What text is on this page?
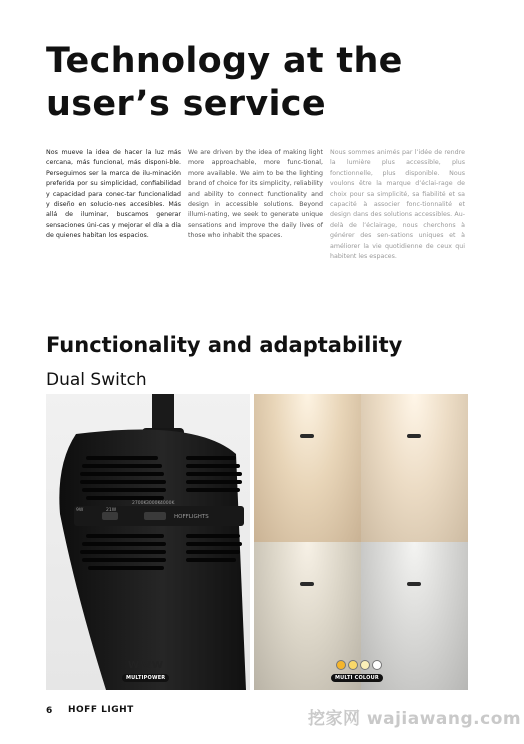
Technology at the
user’s service
Nos mueve la idea de hacer la luz más cercana, más funcional, más disponi-ble. Perseguimos ser la marca de ilu-minación preferida por su simplicidad, confiabilidad y capacidad para conec-tar funcionalidad y diseño en solucio-nes accesibles. Más allá de iluminar, buscamos generar sensaciones úni-cas y mejorar el día a día de quienes habitan los espacios.
We are driven by the idea of making light more approachable, more func-tional, more available. We aim to be the lighting brand of choice for its simplicity, reliability and ability to connect functionality and design in accessible solutions. Beyond illumi-nating, we seek to generate unique sensations and improve the daily lives of those who inhabit the spaces.
Nous sommes animés par l’idée de rendre la lumière plus accessible, plus fonctionnelle, plus disponible. Nous voulons être la marque d’éclai-rage de choix pour sa simplicité, sa fiabilité et sa capacité à associer fonc-tionnalité et design dans des solutions accessibles. Au-delà de l’éclairage, nous cherchons à générer des sen-sations uniques et à améliorer la vie quotidienne de ceux qui habitent les espaces.
Functionality and adaptability
Dual Switch
9W	21W
2700K 3000K 4000K
HOFFLIGHTS
WWW
MULTIPOWER	MULTI COLOUR
6 HOFF LIGHT	挖家网 wajiawang.com
